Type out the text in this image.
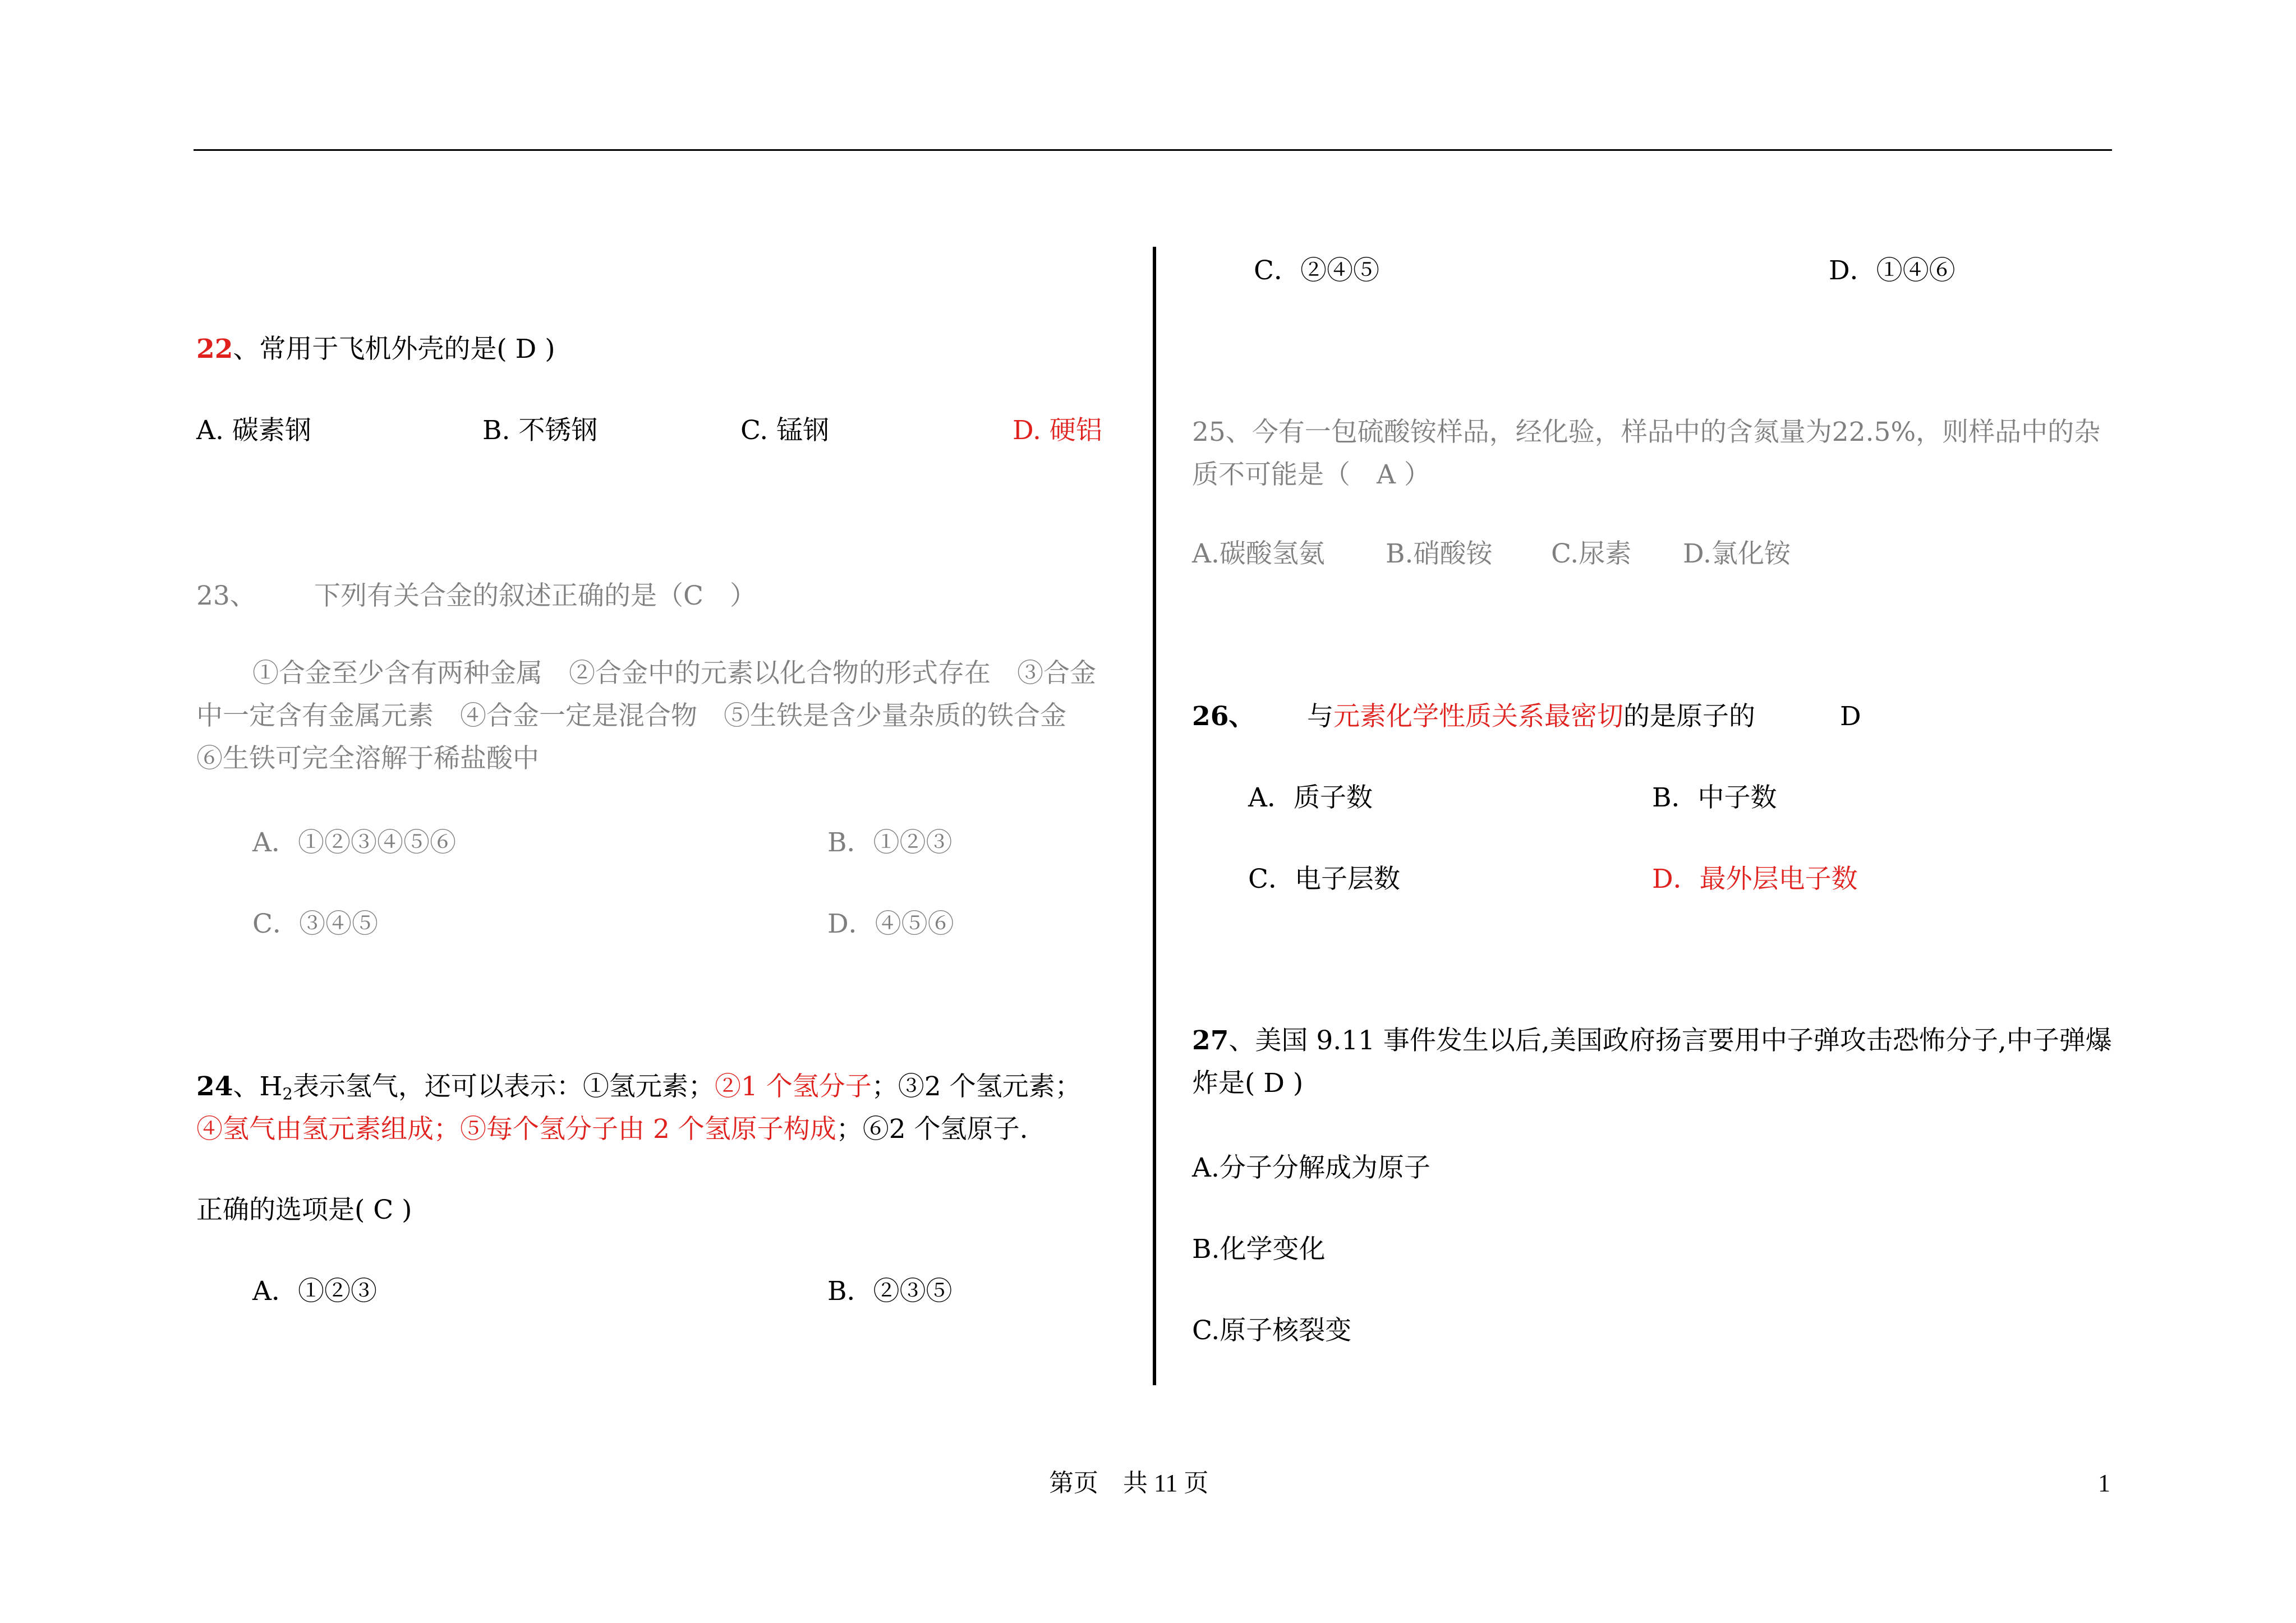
22、常用于飞机外壳的是( D )
A. 碳素钢	B. 不锈钢	C. 锰钢	D. 硬铝
23、 下列有关合金的叙述正确的是（C　）
①合金至少含有两种金属　②合金中的元素以化合物的形式存在　③合金中一定含有金属元素　④合金一定是混合物　⑤生铁是含少量杂质的铁合金　⑥生铁可完全溶解于稀盐酸中
A．①②③④⑤⑥	B．①②③
C．③④⑤	D．④⑤⑥
24、$H_2$表示氢气，还可以表示：①氢元素；②1 个氢分子；③2 个氢元素；
④氢气由氢元素组成；⑤每个氢分子由 2 个氢原子构成；⑥2 个氢原子.
正确的选项是( C )
A．①②③	B．②③⑤
C．②④⑤	D．①④⑥
25、今有一包硫酸铵样品，经化验，样品中的含氮量为22.5%，则样品中的杂质不可能是（　A ）
A.碳酸氢氨 B.硝酸铵 C.尿素 D.氯化铵
26、 与元素化学性质关系最密切的是原子的	D
A．质子数	B．中子数
C．电子层数	D．最外层电子数
27、美国 9.11 事件发生以后,美国政府扬言要用中子弹攻击恐怖分子,中子弹爆炸是( D )
A.分子分解成为原子
B.化学变化
C.原子核裂变
第页　共 11 页	1
